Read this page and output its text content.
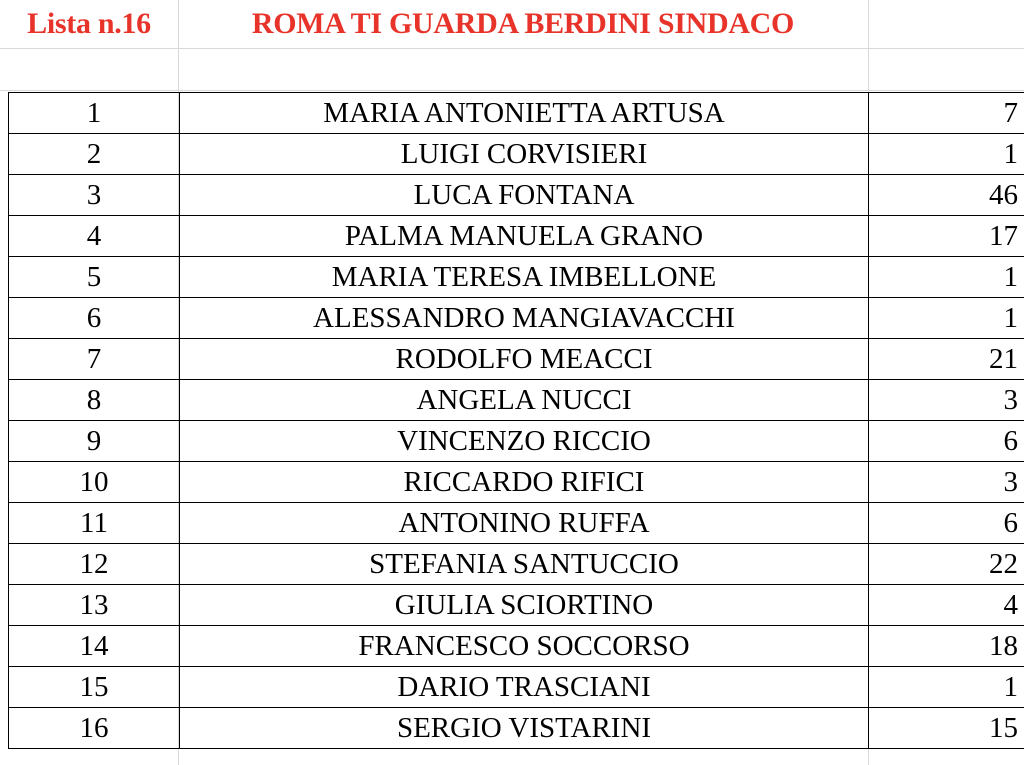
Lista n.16	ROMA TI GUARDA BERDINI SINDACO
1	MARIA ANTONIETTA ARTUSA	7
2	LUIGI CORVISIERI	1
3	LUCA FONTANA	46
4	PALMA MANUELA GRANO	17
5	MARIA TERESA IMBELLONE	1
6	ALESSANDRO MANGIAVACCHI	1
7	RODOLFO MEACCI	21
8	ANGELA NUCCI	3
9	VINCENZO RICCIO	6
10	RICCARDO RIFICI	3
11	ANTONINO RUFFA	6
12	STEFANIA SANTUCCIO	22
13	GIULIA SCIORTINO	4
14	FRANCESCO SOCCORSO	18
15	DARIO TRASCIANI	1
16	SERGIO VISTARINI	15
